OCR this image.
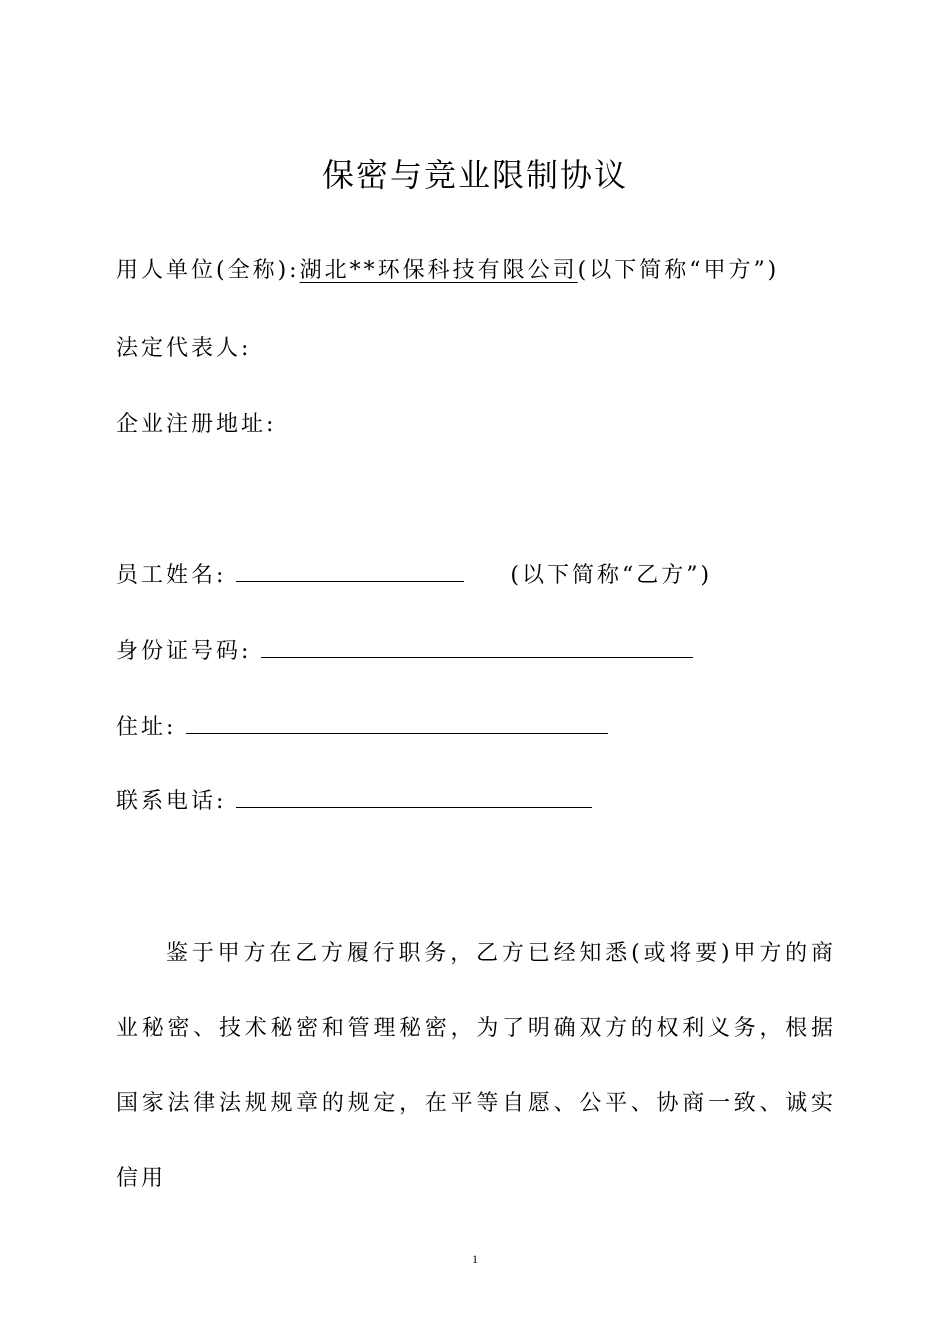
保密与竞业限制协议
用人单位(全称):湖北**环保科技有限公司(以下简称“甲方”)
法定代表人:
企业注册地址:
员工姓名:	(以下简称“乙方”)
身份证号码:
住址:
联系电话:
鉴于甲方在乙方履行职务，乙方已经知悉(或将要)甲方的商业秘密、技术秘密和管理秘密，为了明确双方的权利义务，根据国家法律法规规章的规定，在平等自愿、公平、协商一致、诚实信用
1
